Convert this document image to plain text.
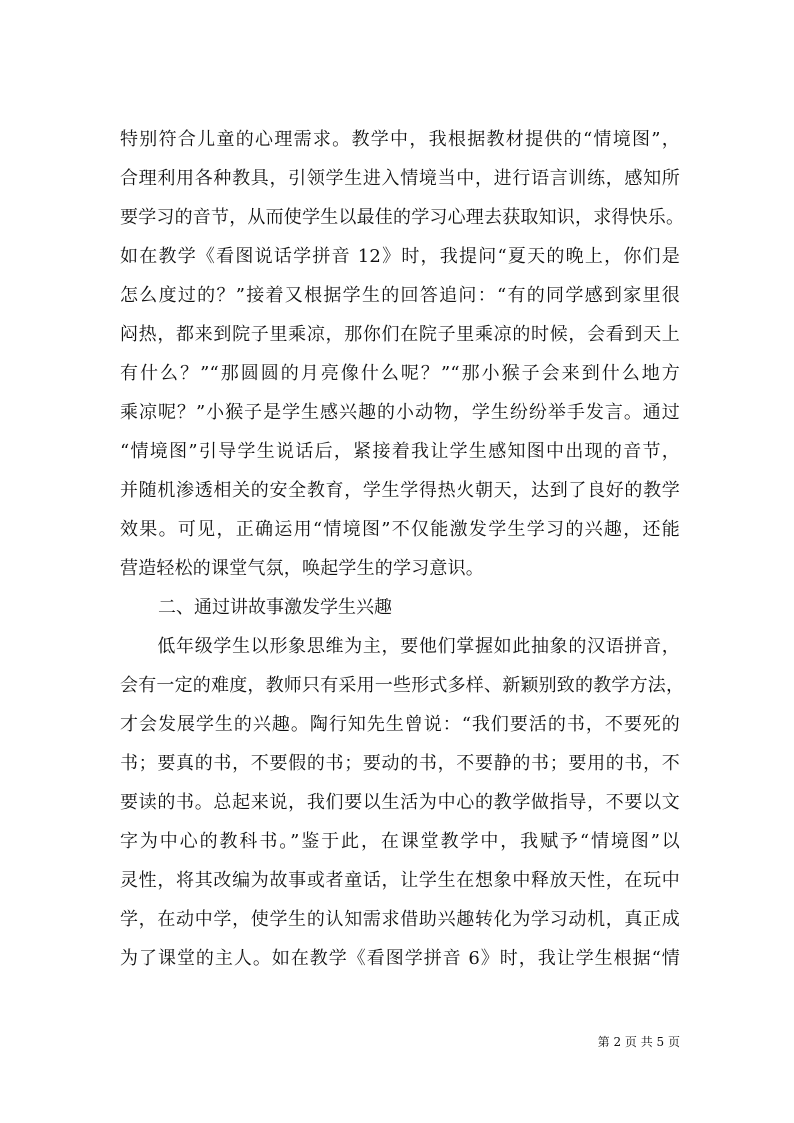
特别符合儿童的心理需求。教学中，我根据教材提供的“情境图”，
合理利用各种教具，引领学生进入情境当中，进行语言训练，感知所
要学习的音节，从而使学生以最佳的学习心理去获取知识，求得快乐。
如在教学《看图说话学拼音 12》时，我提问“夏天的晚上，你们是
怎么度过的？”接着又根据学生的回答追问：“有的同学感到家里很
闷热，都来到院子里乘凉，那你们在院子里乘凉的时候，会看到天上
有什么？”“那圆圆的月亮像什么呢？”“那小猴子会来到什么地方
乘凉呢？”小猴子是学生感兴趣的小动物，学生纷纷举手发言。通过
“情境图”引导学生说话后，紧接着我让学生感知图中出现的音节，
并随机渗透相关的安全教育，学生学得热火朝天，达到了良好的教学
效果。可见，正确运用“情境图”不仅能激发学生学习的兴趣，还能
营造轻松的课堂气氛，唤起学生的学习意识。
二、通过讲故事激发学生兴趣
　　低年级学生以形象思维为主，要他们掌握如此抽象的汉语拼音，
会有一定的难度，教师只有采用一些形式多样、新颖别致的教学方法，
才会发展学生的兴趣。陶行知先生曾说：“我们要活的书，不要死的
书；要真的书，不要假的书；要动的书，不要静的书；要用的书，不
要读的书。总起来说，我们要以生活为中心的教学做指导，不要以文
字为中心的教科书。”鉴于此，在课堂教学中，我赋予“情境图”以
灵性，将其改编为故事或者童话，让学生在想象中释放天性，在玩中
学，在动中学，使学生的认知需求借助兴趣转化为学习动机，真正成
为了课堂的主人。如在教学《看图学拼音 6》时，我让学生根据“情
第 2 页 共 5 页
